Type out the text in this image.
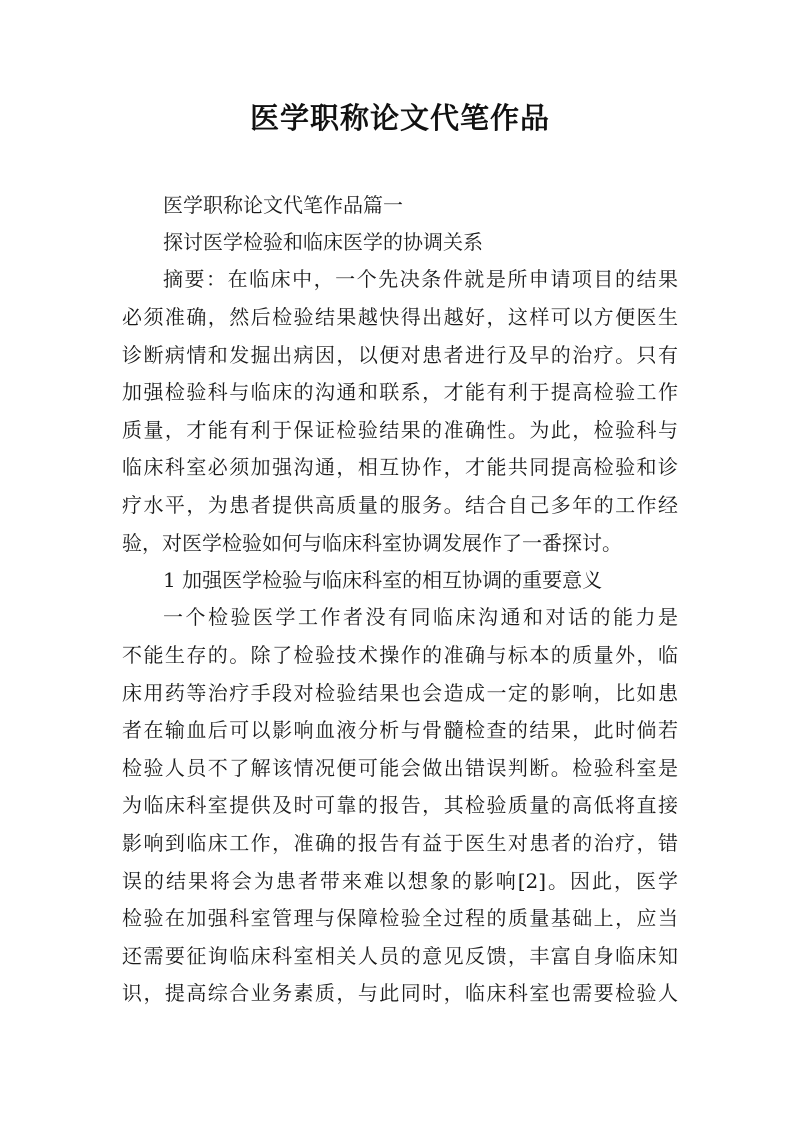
医学职称论文代笔作品
医学职称论文代笔作品篇一
探讨医学检验和临床医学的协调关系
摘要：在临床中，一个先决条件就是所申请项目的结果
必须准确，然后检验结果越快得出越好，这样可以方便医生
诊断病情和发掘出病因，以便对患者进行及早的治疗。只有
加强检验科与临床的沟通和联系，才能有利于提高检验工作
质量，才能有利于保证检验结果的准确性。为此，检验科与
临床科室必须加强沟通，相互协作，才能共同提高检验和诊
疗水平，为患者提供高质量的服务。结合自己多年的工作经
验，对医学检验如何与临床科室协调发展作了一番探讨。
1 加强医学检验与临床科室的相互协调的重要意义
一个检验医学工作者没有同临床沟通和对话的能力是
不能生存的。除了检验技术操作的准确与标本的质量外，临
床用药等治疗手段对检验结果也会造成一定的影响，比如患
者在输血后可以影响血液分析与骨髓检查的结果，此时倘若
检验人员不了解该情况便可能会做出错误判断。检验科室是
为临床科室提供及时可靠的报告，其检验质量的高低将直接
影响到临床工作，准确的报告有益于医生对患者的治疗，错
误的结果将会为患者带来难以想象的影响[2]。因此，医学
检验在加强科室管理与保障检验全过程的质量基础上，应当
还需要征询临床科室相关人员的意见反馈，丰富自身临床知
识，提高综合业务素质，与此同时，临床科室也需要检验人
